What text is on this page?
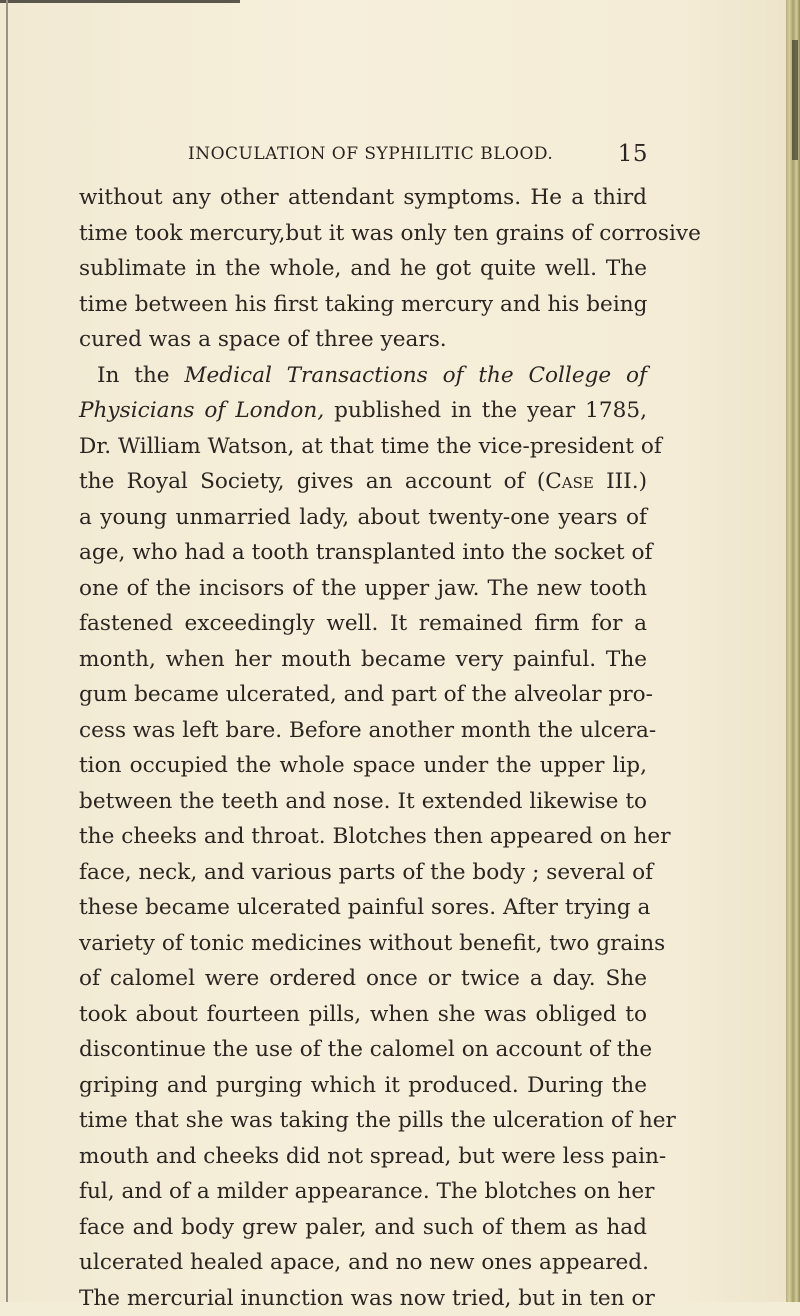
INOCULATION OF SYPHILITIC BLOOD.	15
without any other attendant symptoms. He a third
time took mercury,but it was only ten grains of corrosive
sublimate in the whole, and he got quite well. The
time between his first taking mercury and his being
cured was a space of three years.
In the Medical Transactions of the College of
Physicians of London, published in the year 1785,
Dr. William Watson, at that time the vice-president of
the Royal Society, gives an account of (Case III.)
a young unmarried lady, about twenty-one years of
age, who had a tooth transplanted into the socket of
one of the incisors of the upper jaw. The new tooth
fastened exceedingly well. It remained firm for a
month, when her mouth became very painful. The
gum became ulcerated, and part of the alveolar pro-
cess was left bare. Before another month the ulcera-
tion occupied the whole space under the upper lip,
between the teeth and nose. It extended likewise to
the cheeks and throat. Blotches then appeared on her
face, neck, and various parts of the body ; several of
these became ulcerated painful sores. After trying a
variety of tonic medicines without benefit, two grains
of calomel were ordered once or twice a day. She
took about fourteen pills, when she was obliged to
discontinue the use of the calomel on account of the
griping and purging which it produced. During the
time that she was taking the pills the ulceration of her
mouth and cheeks did not spread, but were less pain-
ful, and of a milder appearance. The blotches on her
face and body grew paler, and such of them as had
ulcerated healed apace, and no new ones appeared.
The mercurial inunction was now tried, but in ten or
